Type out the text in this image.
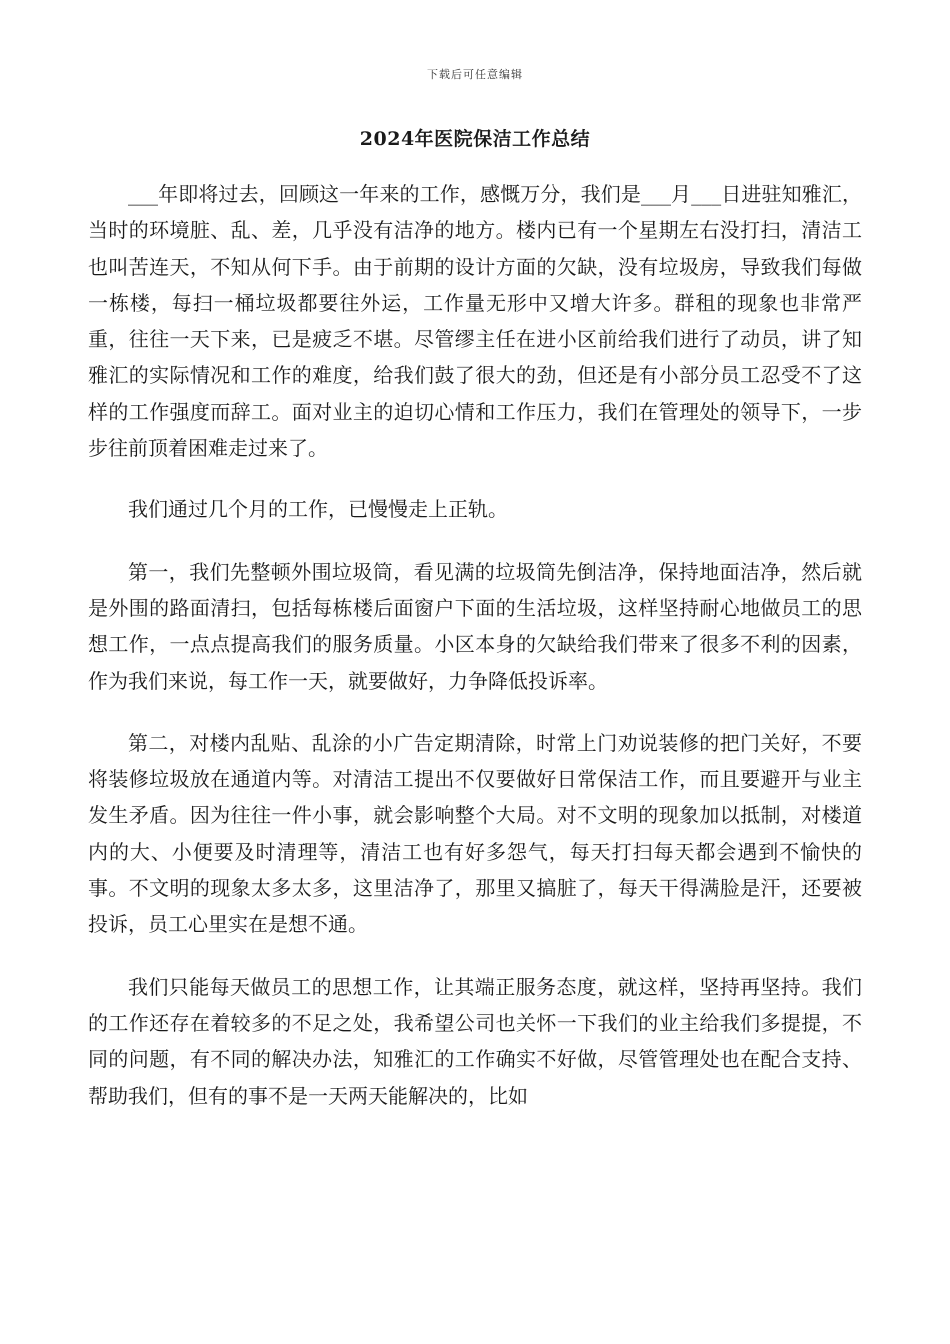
下载后可任意编辑
2024年医院保洁工作总结

___年即将过去，回顾这一年来的工作，感慨万分，我们是___月___日进驻知雅汇，当时的环境脏、乱、差，几乎没有洁净的地方。楼内已有一个星期左右没打扫，清洁工也叫苦连天，不知从何下手。由于前期的设计方面的欠缺，没有垃圾房，导致我们每做一栋楼，每扫一桶垃圾都要往外运，工作量无形中又增大许多。群租的现象也非常严重，往往一天下来，已是疲乏不堪。尽管缪主任在进小区前给我们进行了动员，讲了知雅汇的实际情况和工作的难度，给我们鼓了很大的劲，但还是有小部分员工忍受不了这样的工作强度而辞工。面对业主的迫切心情和工作压力，我们在管理处的领导下，一步步往前顶着困难走过来了。

我们通过几个月的工作，已慢慢走上正轨。

第一，我们先整顿外围垃圾筒，看见满的垃圾筒先倒洁净，保持地面洁净，然后就是外围的路面清扫，包括每栋楼后面窗户下面的生活垃圾，这样坚持耐心地做员工的思想工作，一点点提高我们的服务质量。小区本身的欠缺给我们带来了很多不利的因素，作为我们来说，每工作一天，就要做好，力争降低投诉率。

第二，对楼内乱贴、乱涂的小广告定期清除，时常上门劝说装修的把门关好，不要将装修垃圾放在通道内等。对清洁工提出不仅要做好日常保洁工作，而且要避开与业主发生矛盾。因为往往一件小事，就会影响整个大局。对不文明的现象加以抵制，对楼道内的大、小便要及时清理等，清洁工也有好多怨气，每天打扫每天都会遇到不愉快的事。不文明的现象太多太多，这里洁净了，那里又搞脏了，每天干得满脸是汗，还要被投诉，员工心里实在是想不通。

我们只能每天做员工的思想工作，让其端正服务态度，就这样，坚持再坚持。我们的工作还存在着较多的不足之处，我希望公司也关怀一下我们的业主给我们多提提，不同的问题，有不同的解决办法，知雅汇的工作确实不好做，尽管管理处也在配合支持、帮助我们，但有的事不是一天两天能解决的，比如
